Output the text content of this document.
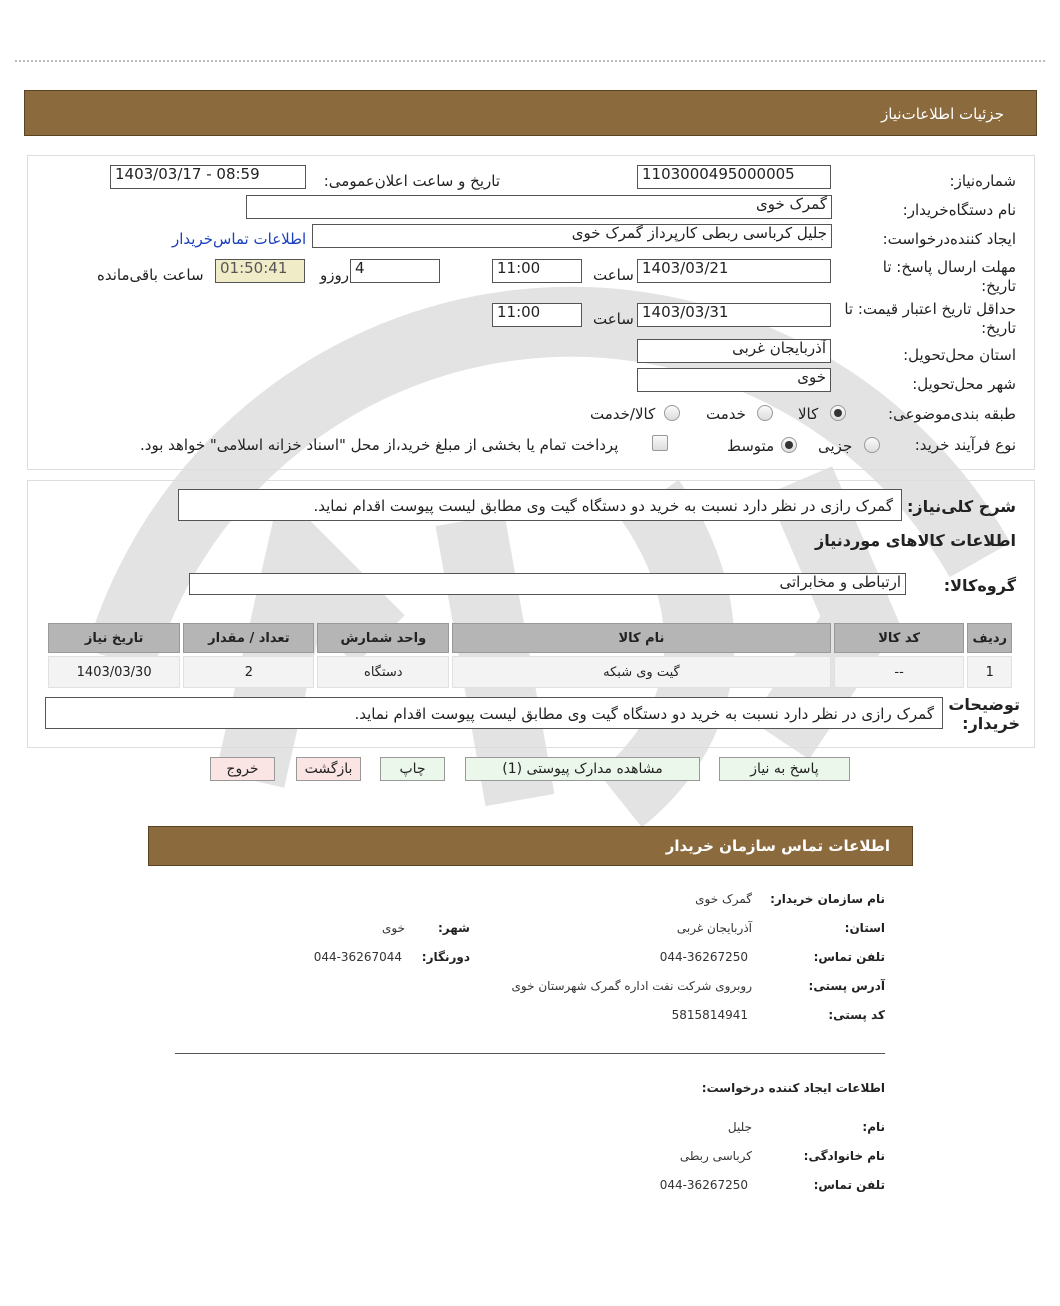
جزئیات اطلاعات‌نیاز
شماره‌نیاز:
1103000495000005
تاریخ و ساعت اعلان‌عمومی:
1403/03/17 - 08:59
نام دستگاه‌خریدار:
گمرک خوی
ایجاد کننده‌درخواست:
جلیل کرباسی ربطی کارپرداز گمرک خوی
اطلاعات تماس‌خریدار
مهلت ارسال پاسخ: تا تاریخ:
1403/03/21
ساعت
11:00
4
روزو
01:50:41
ساعت باقی‌مانده
حداقل تاریخ اعتبار قیمت: تا تاریخ:
1403/03/31
ساعت
11:00
استان محل‌تحویل:
آذربایجان غربی
شهر محل‌تحویل:
خوی
طبقه بندی‌موضوعی:
کالا
خدمت
کالا/خدمت
نوع فرآیند خرید:
جزیی
متوسط
پرداخت تمام یا بخشی از مبلغ خرید،از محل "اسناد خزانه اسلامی" خواهد بود.
شرح کلی‌نیاز:
گمرک رازی در نظر دارد نسبت به خرید دو دستگاه گیت وی مطابق لیست پیوست اقدام نماید.
اطلاعات کالاهای موردنیاز
گروه‌کالا:
ارتباطی و مخابراتی
ردیف	کد کالا	نام کالا	واحد شمارش	تعداد / مقدار	تاریخ نیاز
1	--	گیت وی شبکه	دستگاه	2	1403/03/30
توضیحات خریدار:
گمرک رازی در نظر دارد نسبت به خرید دو دستگاه گیت وی مطابق لیست پیوست اقدام نماید.
پاسخ به نیاز
مشاهده مدارک پیوستی (1)
چاپ
بازگشت
خروج
اطلاعات تماس سازمان خریدار
نام سازمان خریدار:
گمرک خوی
استان:
آذربایجان غربی
شهر:
خوی
تلفن تماس:
044-36267250
دورنگار:
044-36267044
آدرس پستی:
روبروی شرکت نفت اداره گمرک شهرستان خوی
کد پستی:
5815814941
اطلاعات ایجاد کننده درخواست:
نام:
جلیل
نام خانوادگی:
کرباسی ربطی
تلفن تماس:
044-36267250
